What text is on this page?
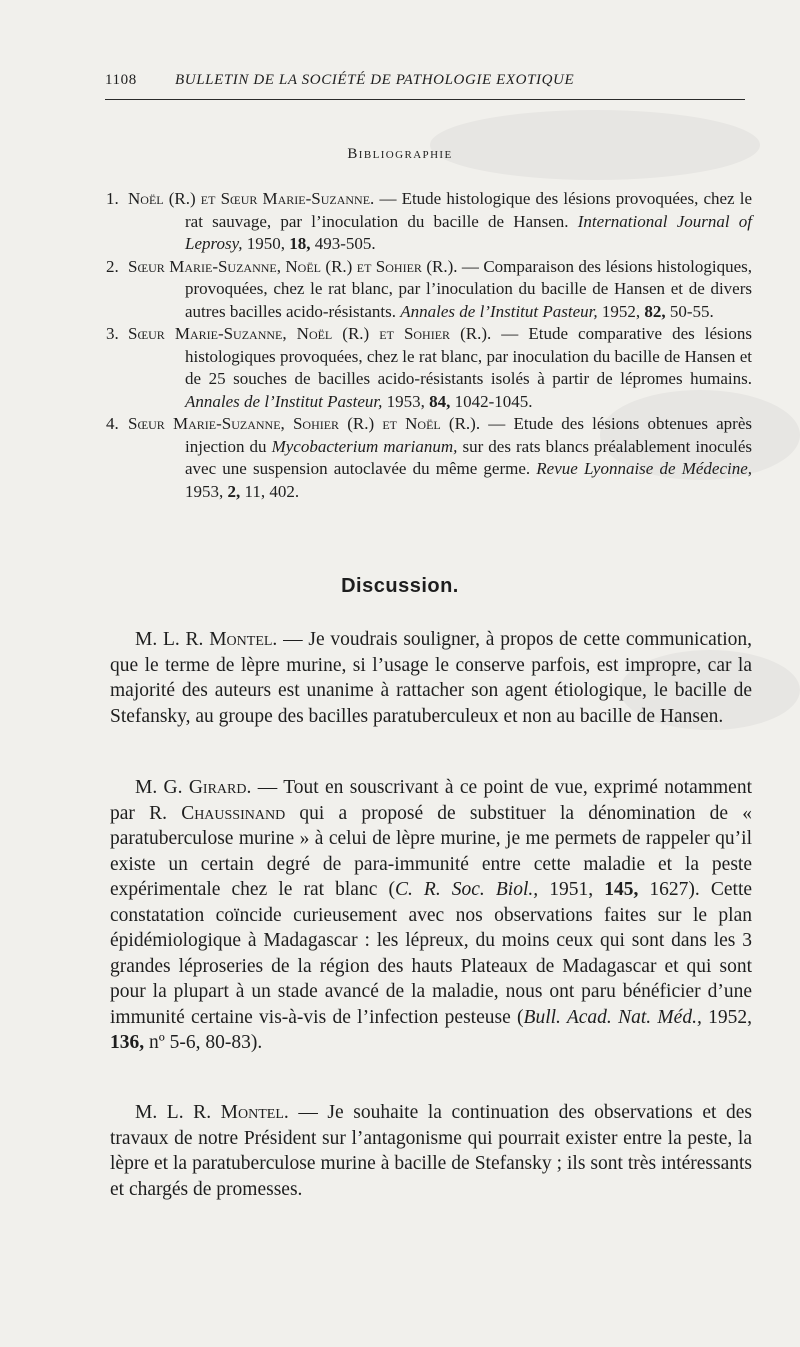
1108	BULLETIN DE LA SOCIÉTÉ DE PATHOLOGIE EXOTIQUE
Bibliographie
1. Noël (R.) et Sœur Marie-Suzanne. — Etude histologique des lésions provoquées, chez le rat sauvage, par l’inoculation du bacille de Hansen. International Journal of Leprosy, 1950, 18, 493-505.
2. Sœur Marie-Suzanne, Noël (R.) et Sohier (R.). — Comparaison des lésions histologiques, provoquées, chez le rat blanc, par l’inoculation du bacille de Hansen et de divers autres bacilles acido-résistants. Annales de l’Institut Pasteur, 1952, 82, 50-55.
3. Sœur Marie-Suzanne, Noël (R.) et Sohier (R.). — Etude comparative des lésions histologiques provoquées, chez le rat blanc, par inoculation du bacille de Hansen et de 25 souches de bacilles acido-résistants isolés à partir de lépromes humains. Annales de l’Institut Pasteur, 1953, 84, 1042-1045.
4. Sœur Marie-Suzanne, Sohier (R.) et Noël (R.). — Etude des lésions obtenues après injection du Mycobacterium marianum, sur des rats blancs préalablement inoculés avec une suspension autoclavée du même germe. Revue Lyonnaise de Médecine, 1953, 2, 11, 402.
Discussion.

M. L. R. Montel. — Je voudrais souligner, à propos de cette communication, que le terme de lèpre murine, si l’usage le conserve parfois, est impropre, car la majorité des auteurs est unanime à rattacher son agent étiologique, le bacille de Stefansky, au groupe des bacilles paratuberculeux et non au bacille de Hansen.

M. G. Girard. — Tout en souscrivant à ce point de vue, exprimé notamment par R. Chaussinand qui a proposé de substituer la dénomination de « paratuberculose murine » à celui de lèpre murine, je me permets de rappeler qu’il existe un certain degré de para-immunité entre cette maladie et la peste expérimentale chez le rat blanc (C. R. Soc. Biol., 1951, 145, 1627). Cette constatation coïncide curieusement avec nos observations faites sur le plan épidémiologique à Madagascar : les lépreux, du moins ceux qui sont dans les 3 grandes léproseries de la région des hauts Plateaux de Madagascar et qui sont pour la plupart à un stade avancé de la maladie, nous ont paru bénéficier d’une immunité certaine vis-à-vis de l’infection pesteuse (Bull. Acad. Nat. Méd., 1952, 136, nº 5-6, 80-83).

M. L. R. Montel. — Je souhaite la continuation des observations et des travaux de notre Président sur l’antagonisme qui pourrait exister entre la peste, la lèpre et la paratuberculose murine à bacille de Stefansky ; ils sont très intéressants et chargés de promesses.
